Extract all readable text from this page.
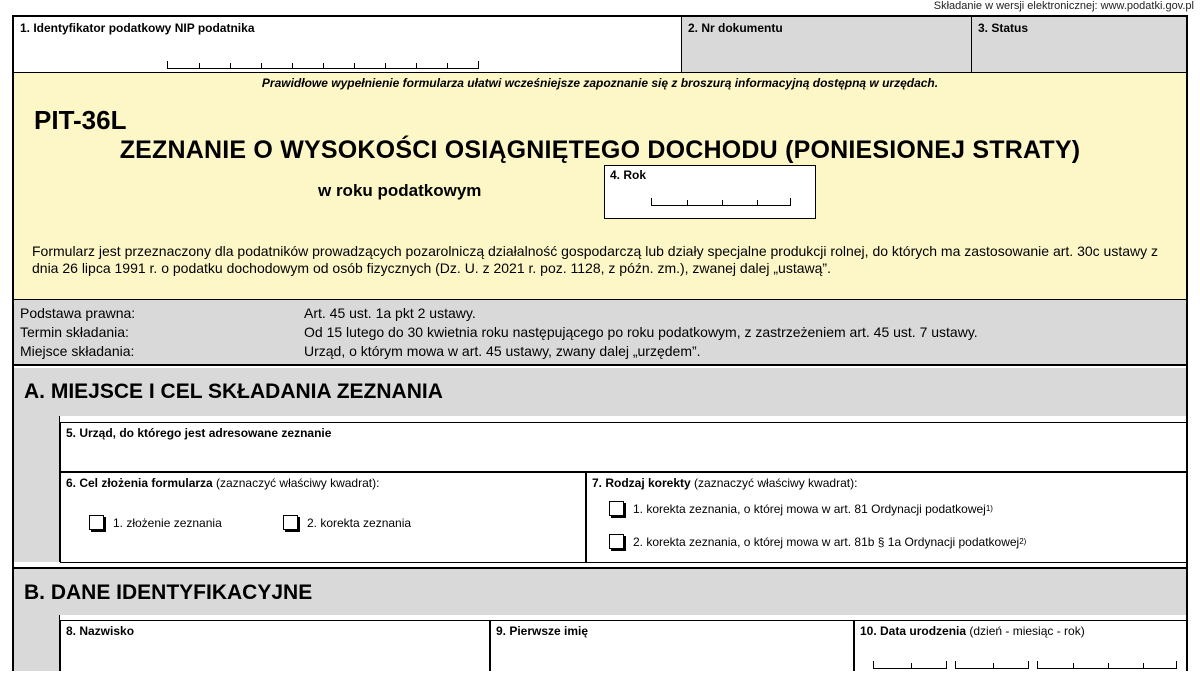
Składanie w wersji elektronicznej: www.podatki.gov.pl
1. Identyfikator podatkowy NIP podatnika	2. Nr dokumentu	3. Status
Prawidłowe wypełnienie formularza ułatwi wcześniejsze zapoznanie się z broszurą informacyjną dostępną w urzędach.
PIT-36L
ZEZNANIE O WYSOKOŚCI OSIĄGNIĘTEGO DOCHODU (PONIESIONEJ STRATY)
w roku podatkowym
4. Rok
Formularz jest przeznaczony dla podatników prowadzących pozarolniczą działalność gospodarczą lub działy specjalne produkcji rolnej, do których ma zastosowanie art. 30c ustawy z dnia 26 lipca 1991 r. o podatku dochodowym od osób fizycznych (Dz. U. z 2021 r. poz. 1128, z późn. zm.), zwanej dalej „ustawą”.
Podstawa prawna:	Art. 45 ust. 1a pkt 2 ustawy.
Termin składania:	Od 15 lutego do 30 kwietnia roku następującego po roku podatkowym, z zastrzeżeniem art. 45 ust. 7 ustawy.
Miejsce składania:	Urząd, o którym mowa w art. 45 ustawy, zwany dalej „urzędem”.
A. MIEJSCE I CEL SKŁADANIA ZEZNANIA
5. Urząd, do którego jest adresowane zeznanie
6. Cel złożenia formularza (zaznaczyć właściwy kwadrat):
1. złożenie zeznania	2. korekta zeznania
7. Rodzaj korekty (zaznaczyć właściwy kwadrat):
1. korekta zeznania, o której mowa w art. 81 Ordynacji podatkowej 1)
2. korekta zeznania, o której mowa w art. 81b § 1a Ordynacji podatkowej 2)
B. DANE IDENTYFIKACYJNE
8. Nazwisko	9. Pierwsze imię	10. Data urodzenia (dzień - miesiąc - rok)
